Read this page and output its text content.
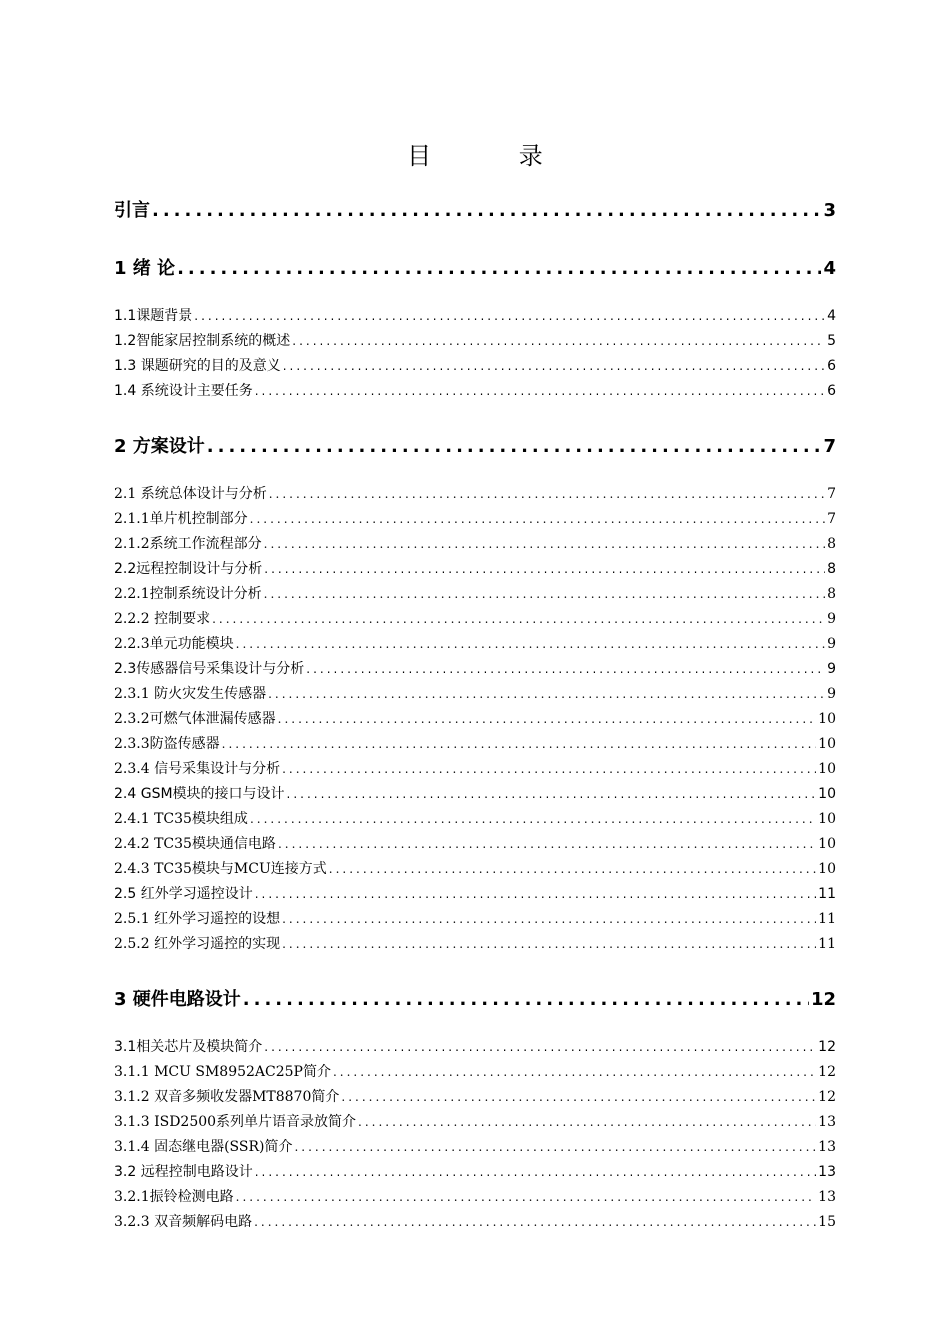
目 录
引言 .....	3
1 绪 论 .....	4
1.1课题背景 .....	4
1.2智能家居控制系统的概述 .....	5
1.3 课题研究的目的及意义 .....	6
1.4 系统设计主要任务 .....	6
2 方案设计 .....	7
2.1 系统总体设计与分析 .....	7
2.1.1单片机控制部分 .....	7
2.1.2系统工作流程部分 .....	8
2.2远程控制设计与分析 .....	8
2.2.1控制系统设计分析 .....	8
2.2.2 控制要求 .....	9
2.2.3单元功能模块 .....	9
2.3传感器信号采集设计与分析 .....	9
2.3.1 防火灾发生传感器 .....	9
2.3.2可燃气体泄漏传感器 .....	10
2.3.3防盗传感器 .....	10
2.3.4 信号采集设计与分析 .....	10
2.4 GSM模块的接口与设计 .....	10
2.4.1 TC35模块组成 .....	10
2.4.2 TC35模块通信电路 .....	10
2.4.3 TC35模块与MCU连接方式 .....	10
2.5 红外学习遥控设计 .....	11
2.5.1 红外学习遥控的设想 .....	11
2.5.2 红外学习遥控的实现 .....	11
3 硬件电路设计 .....	12
3.1相关芯片及模块简介 .....	12
3.1.1 MCU SM8952AC25P简介 .....	12
3.1.2 双音多频收发器MT8870简介 .....	12
3.1.3 ISD2500系列单片语音录放简介 .....	13
3.1.4 固态继电器(SSR)简介 .....	13
3.2 远程控制电路设计 .....	13
3.2.1振铃检测电路 .....	13
3.2.3 双音频解码电路 .....	15
